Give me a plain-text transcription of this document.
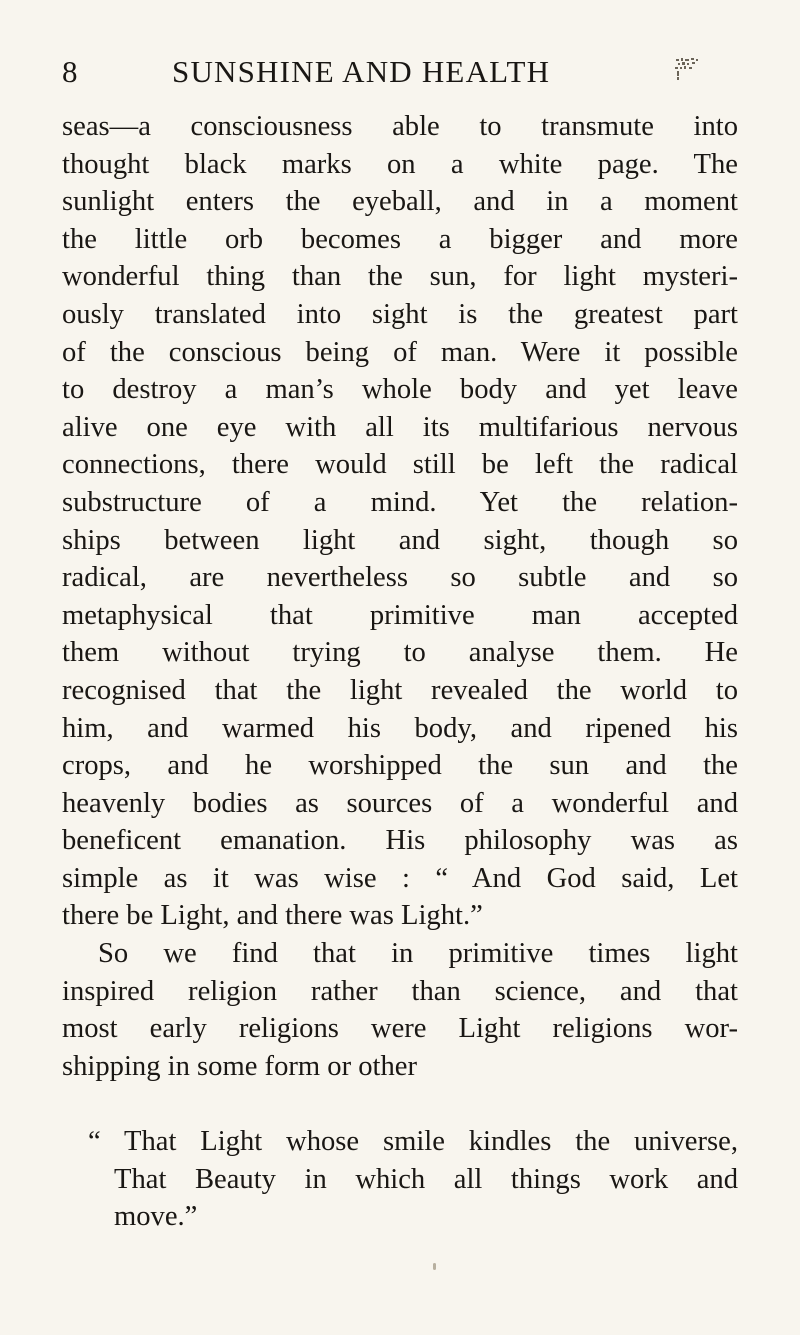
8	SUNSHINE AND HEALTH
seas—a consciousness able to transmute into
thought black marks on a white page. The
sunlight enters the eyeball, and in a moment
the little orb becomes a bigger and more
wonderful thing than the sun, for light mysteri-
ously translated into sight is the greatest part
of the conscious being of man. Were it possible
to destroy a man’s whole body and yet leave
alive one eye with all its multifarious nervous
connections, there would still be left the radical
substructure of a mind. Yet the relation-
ships between light and sight, though so
radical, are nevertheless so subtle and so
metaphysical that primitive man accepted
them without trying to analyse them. He
recognised that the light revealed the world to
him, and warmed his body, and ripened his
crops, and he worshipped the sun and the
heavenly bodies as sources of a wonderful and
beneficent emanation. His philosophy was as
simple as it was wise : “ And God said, Let
there be Light, and there was Light.”
So we find that in primitive times light
inspired religion rather than science, and that
most early religions were Light religions wor-
shipping in some form or other
“ That Light whose smile kindles the universe,
That Beauty in which all things work and
move.”
